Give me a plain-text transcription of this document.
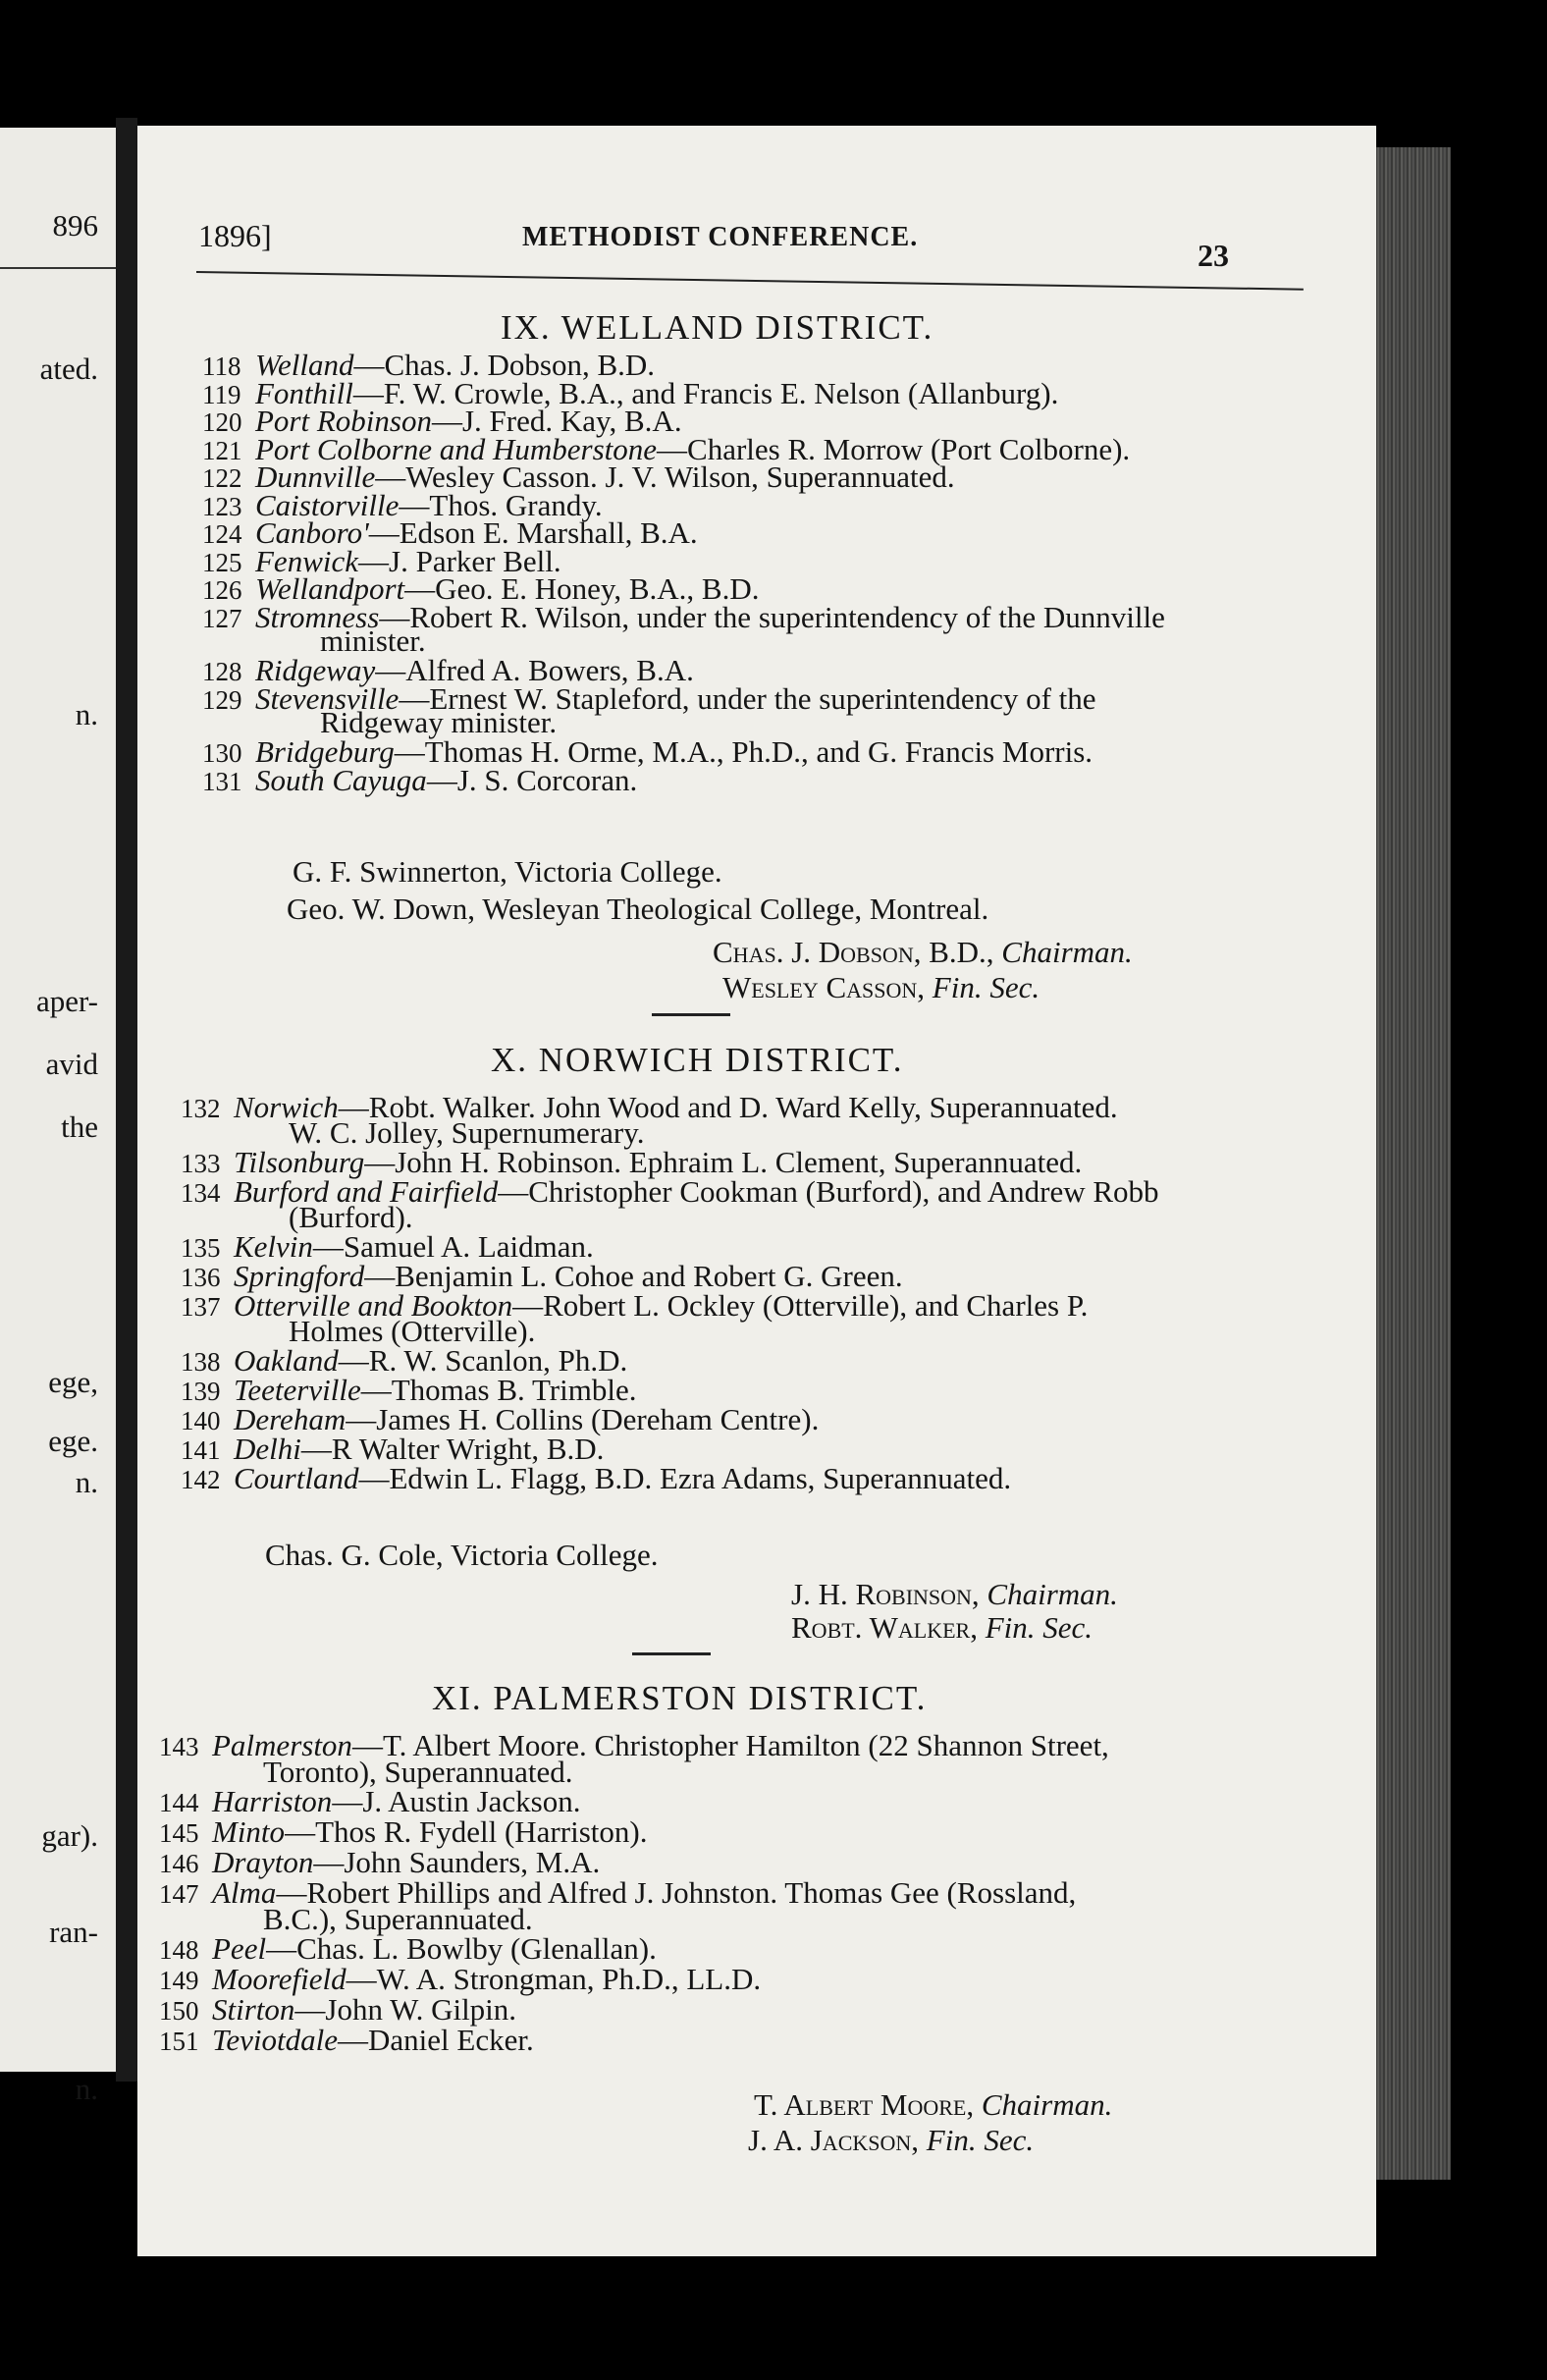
896
ated.
n.
aper-
avid
the
ege,
ege.
n.
gar).
ran-
n.
1896]	METHODIST CONFERENCE.
23
IX. WELLAND DISTRICT.
118 Welland—Chas. J. Dobson, B.D.
119 Fonthill—F. W. Crowle, B.A., and Francis E. Nelson (Allanburg).
120 Port Robinson—J. Fred. Kay, B.A.
121 Port Colborne and Humberstone—Charles R. Morrow (Port Colborne).
122 Dunnville—Wesley Casson. J. V. Wilson, Superannuated.
123 Caistorville—Thos. Grandy.
124 Canboro'—Edson E. Marshall, B.A.
125 Fenwick—J. Parker Bell.
126 Wellandport—Geo. E. Honey, B.A., B.D.
127 Stromness—Robert R. Wilson, under the superintendency of the Dunnville
minister.
128 Ridgeway—Alfred A. Bowers, B.A.
129 Stevensville—Ernest W. Stapleford, under the superintendency of the
Ridgeway minister.
130 Bridgeburg—Thomas H. Orme, M.A., Ph.D., and G. Francis Morris.
131 South Cayuga—J. S. Corcoran.
G. F. Swinnerton, Victoria College.
Geo. W. Down, Wesleyan Theological College, Montreal.
Chas. J. Dobson, B.D., Chairman.
Wesley Casson, Fin. Sec.
X. NORWICH DISTRICT.
132 Norwich—Robt. Walker. John Wood and D. Ward Kelly, Superannuated.
W. C. Jolley, Supernumerary.
133 Tilsonburg—John H. Robinson. Ephraim L. Clement, Superannuated.
134 Burford and Fairfield—Christopher Cookman (Burford), and Andrew Robb
(Burford).
135 Kelvin—Samuel A. Laidman.
136 Springford—Benjamin L. Cohoe and Robert G. Green.
137 Otterville and Bookton—Robert L. Ockley (Otterville), and Charles P.
Holmes (Otterville).
138 Oakland—R. W. Scanlon, Ph.D.
139 Teeterville—Thomas B. Trimble.
140 Dereham—James H. Collins (Dereham Centre).
141 Delhi—R Walter Wright, B.D.
142 Courtland—Edwin L. Flagg, B.D. Ezra Adams, Superannuated.
Chas. G. Cole, Victoria College.
J. H. Robinson, Chairman.
Robt. Walker, Fin. Sec.
XI. PALMERSTON DISTRICT.
143 Palmerston—T. Albert Moore. Christopher Hamilton (22 Shannon Street,
Toronto), Superannuated.
144 Harriston—J. Austin Jackson.
145 Minto—Thos R. Fydell (Harriston).
146 Drayton—John Saunders, M.A.
147 Alma—Robert Phillips and Alfred J. Johnston. Thomas Gee (Rossland,
B.C.), Superannuated.
148 Peel—Chas. L. Bowlby (Glenallan).
149 Moorefield—W. A. Strongman, Ph.D., LL.D.
150 Stirton—John W. Gilpin.
151 Teviotdale—Daniel Ecker.
T. Albert Moore, Chairman.
J. A. Jackson, Fin. Sec.
